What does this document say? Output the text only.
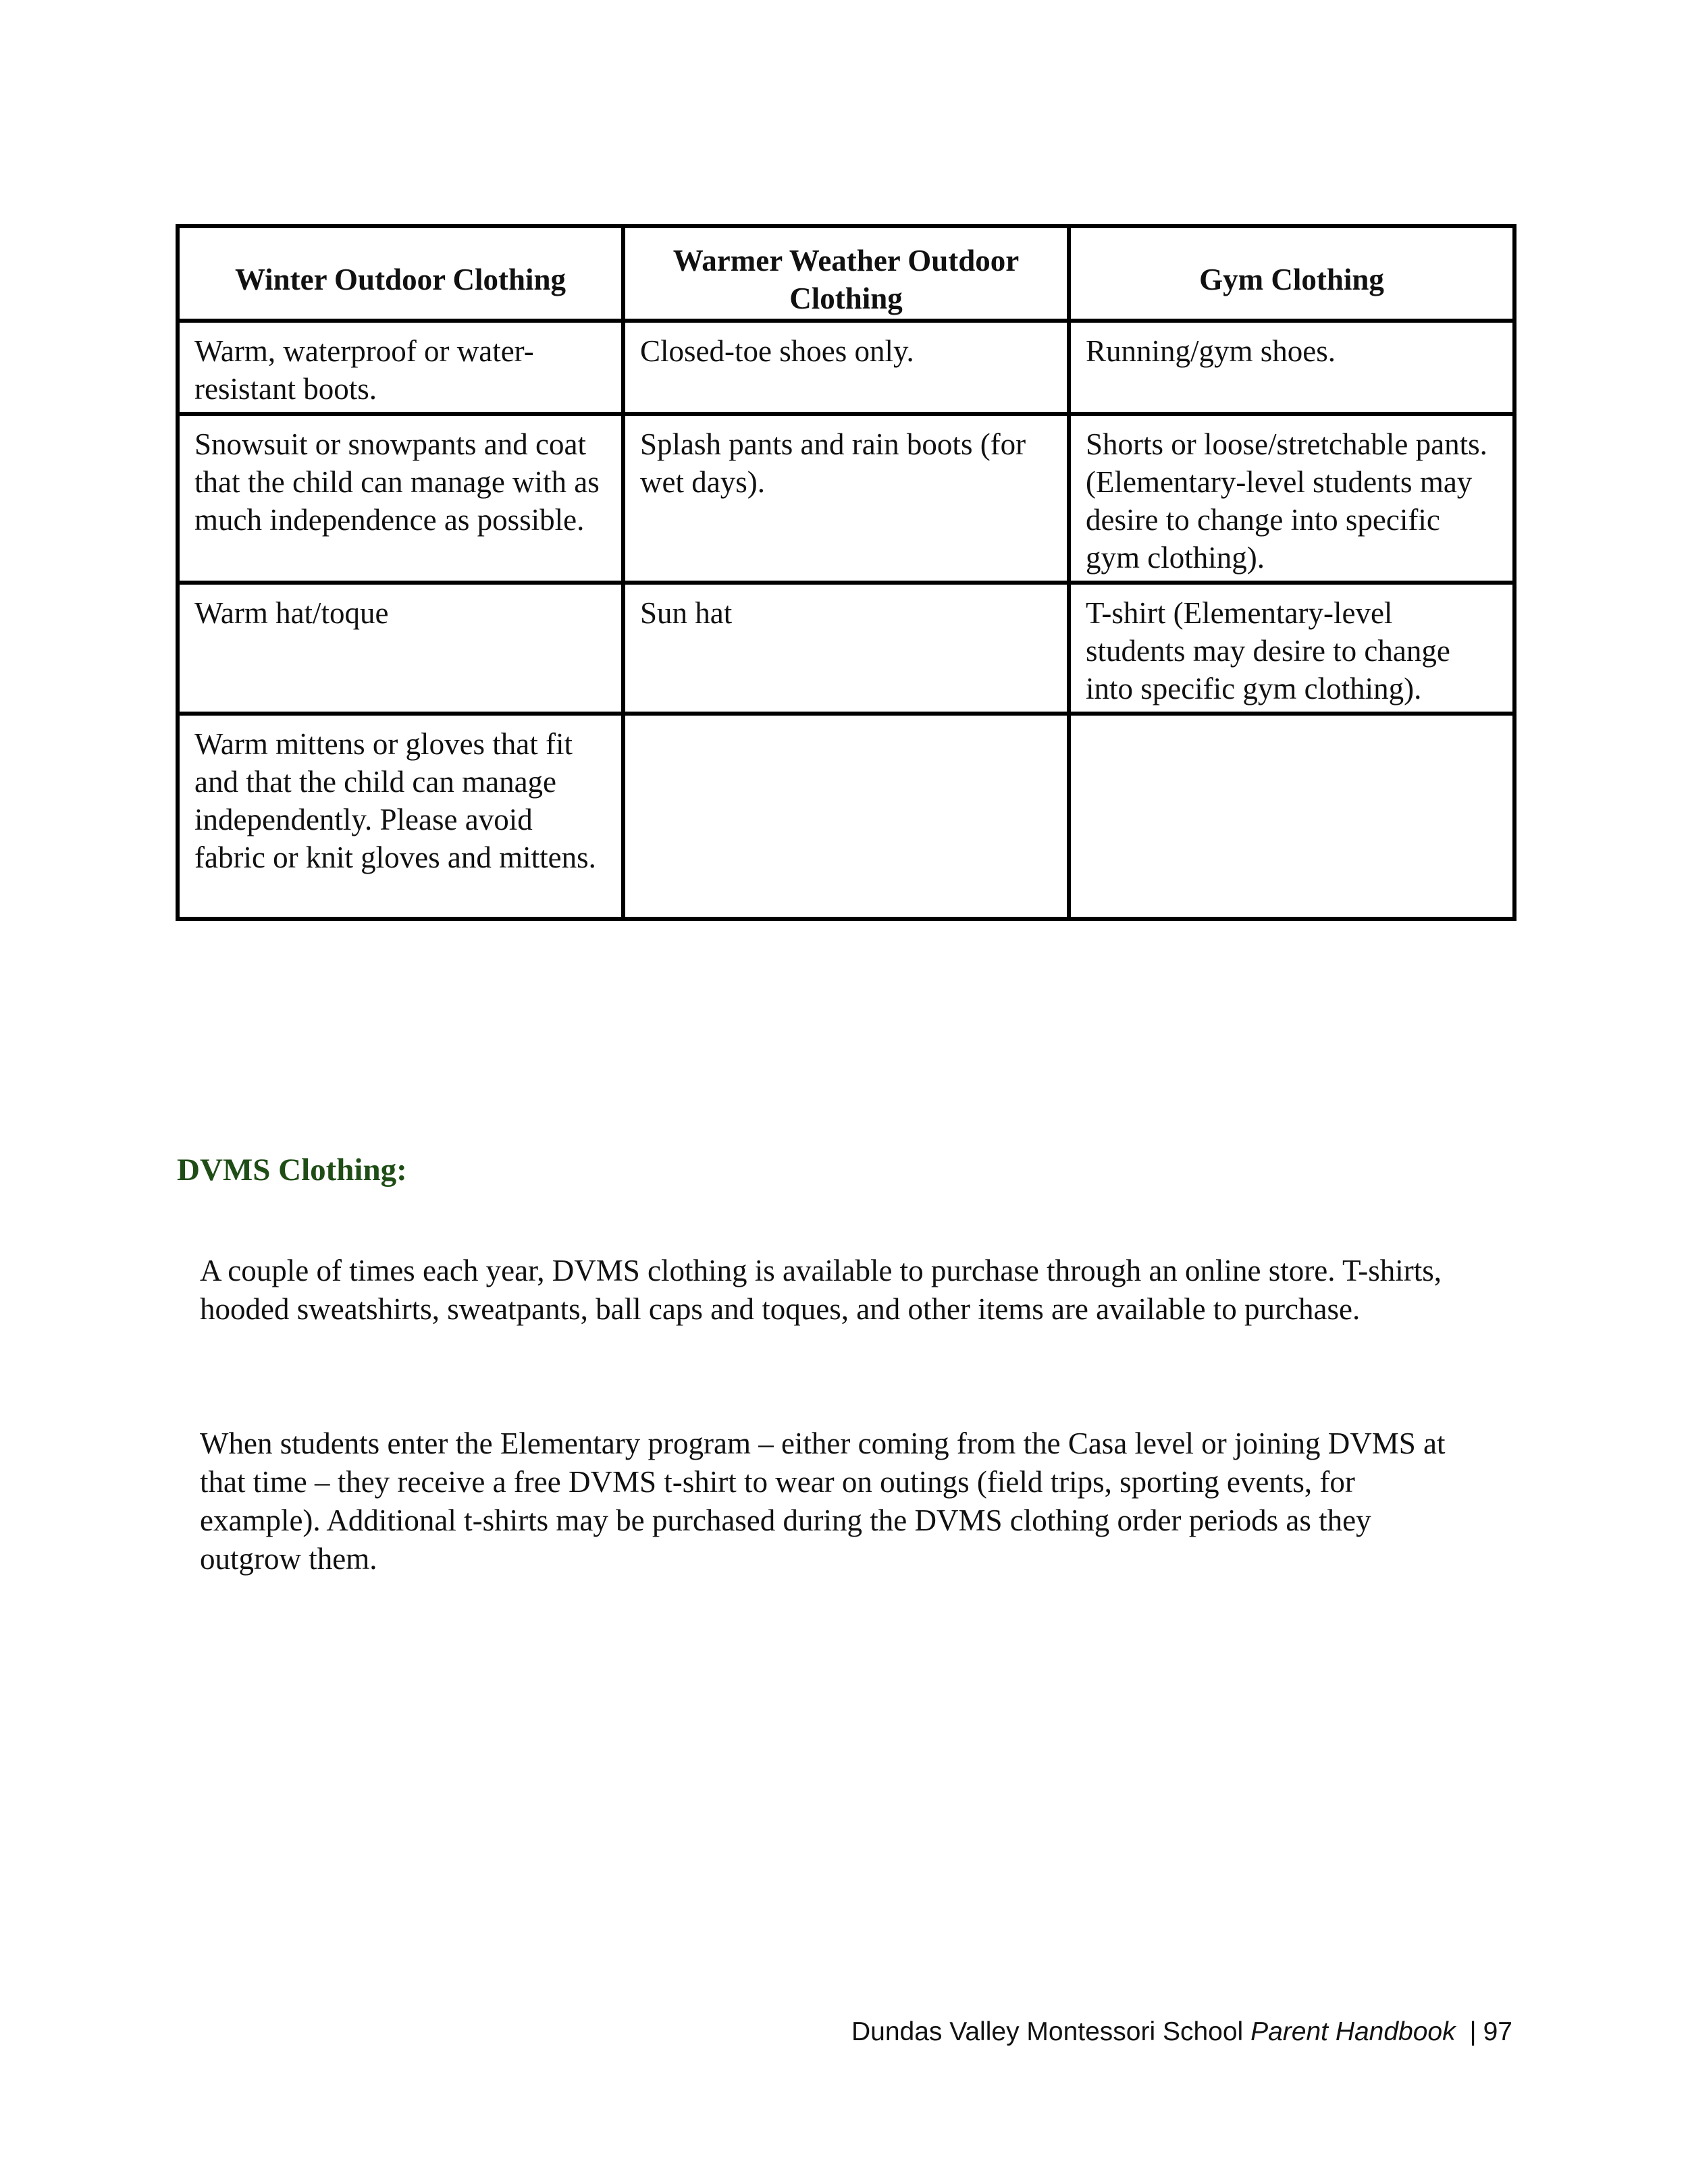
Winter Outdoor Clothing	Warmer Weather Outdoor Clothing	Gym Clothing
Warm, waterproof or water-resistant boots.	Closed-toe shoes only.	Running/gym shoes.
Snowsuit or snowpants and coat that the child can manage with as much independence as possible.	Splash pants and rain boots (for wet days).	Shorts or loose/stretchable pants. (Elementary-level students may desire to change into specific gym clothing).
Warm hat/toque	Sun hat	T-shirt (Elementary-level students may desire to change into specific gym clothing).
Warm mittens or gloves that fit and that the child can manage independently. Please avoid fabric or knit gloves and mittens.		
DVMS Clothing:

A couple of times each year, DVMS clothing is available to purchase through an online store. T-shirts, hooded sweatshirts, sweatpants, ball caps and toques, and other items are available to purchase.

When students enter the Elementary program – either coming from the Casa level or joining DVMS at that time – they receive a free DVMS t-shirt to wear on outings (field trips, sporting events, for example). Additional t-shirts may be purchased during the DVMS clothing order periods as they outgrow them.

Dundas Valley Montessori School Parent Handbook | 97
